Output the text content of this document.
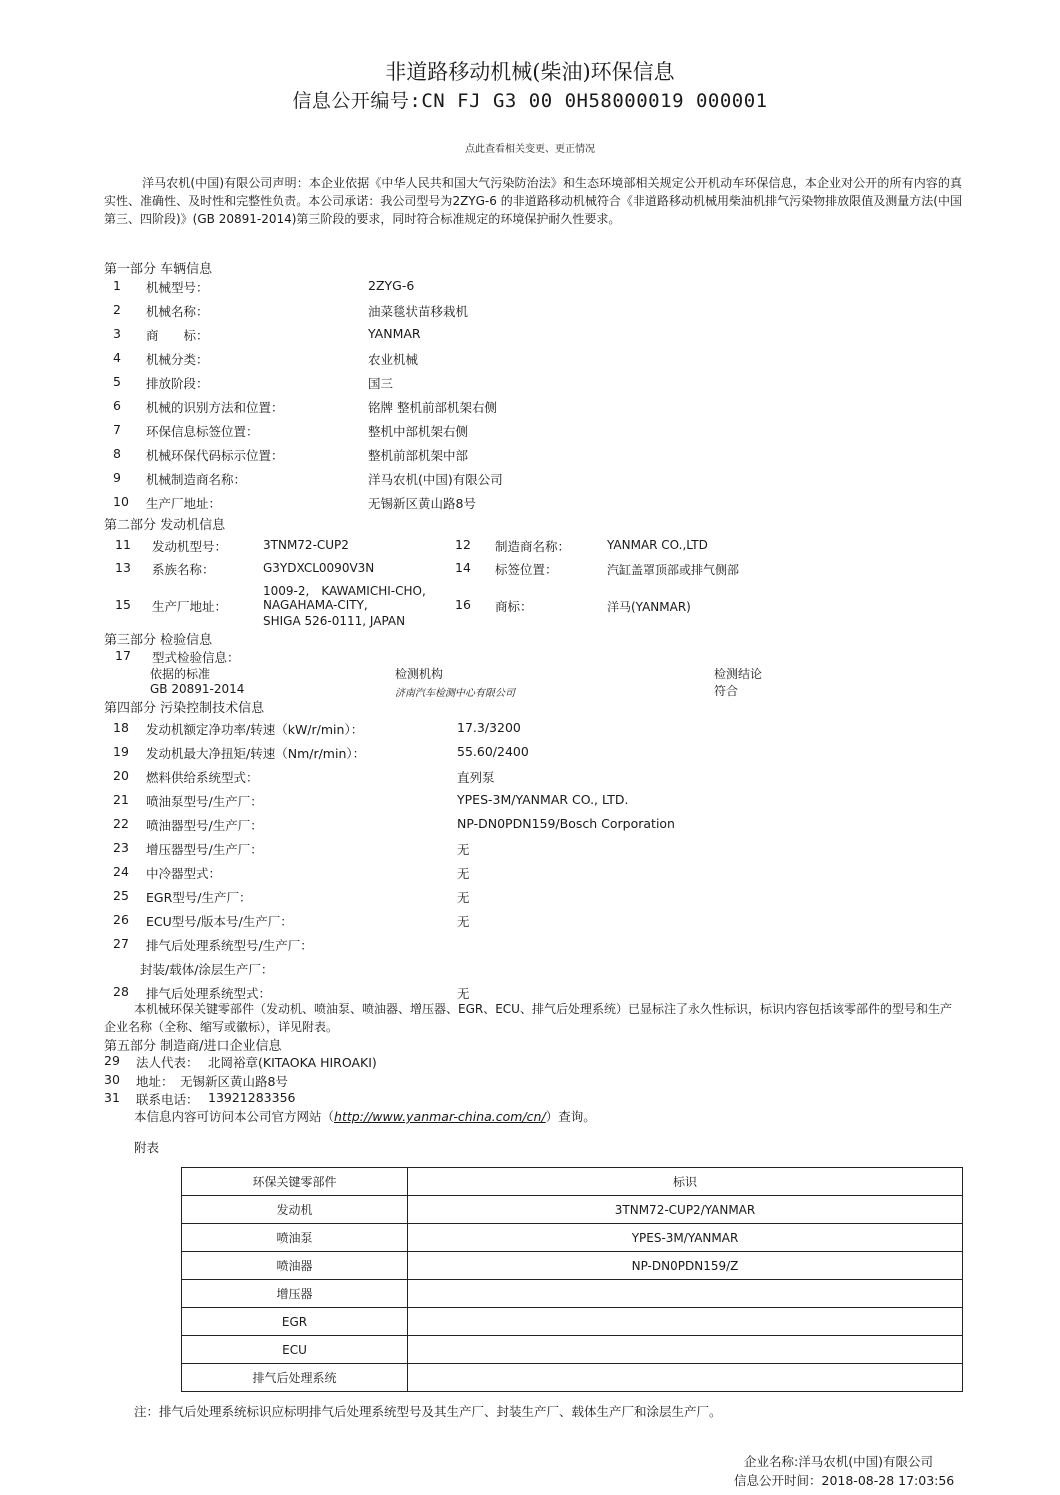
非道路移动机械(柴油)环保信息
信息公开编号:CN FJ G3 00 0H58000019 000001
点此查看相关变更、更正情况
洋马农机(中国)有限公司声明：本企业依据《中华人民共和国大气污染防治法》和生态环境部相关规定公开机动车环保信息，本企业对公开的所有内容的真实性、准确性、及时性和完整性负责。本公司承诺：我公司型号为2ZYG-6 的非道路移动机械符合《非道路移动机械用柴油机排气污染物排放限值及测量方法(中国第三、四阶段)》(GB 20891-2014)第三阶段的要求，同时符合标准规定的环境保护耐久性要求。
第一部分 车辆信息
1 机械型号：	2ZYG-6
2 机械名称：	油菜毯状苗移栽机
3 商　　标：	YANMAR
4 机械分类：	农业机械
5 排放阶段：	国三
6 机械的识别方法和位置：	铭牌 整机前部机架右侧
7 环保信息标签位置：	整机中部机架右侧
8 机械环保代码标示位置：	整机前部机架中部
9 机械制造商名称：	洋马农机(中国)有限公司
10 生产厂地址：	无锡新区黄山路8号
第二部分 发动机信息
11 发动机型号：	3TNM72-CUP2	12 制造商名称：	YANMAR CO.,LTD
13 系族名称：	G3YDXCL0090V3N	14 标签位置：	汽缸盖罩顶部或排气侧部
15 生产厂地址：
1009-2,　KAWAMICHI-CHO,
NAGAHAMA-CITY,
SHIGA 526-0111, JAPAN
16 商标：	洋马(YANMAR)
第三部分 检验信息
17 型式检验信息：
依据的标准	检测机构	检测结论
GB 20891-2014	济南汽车检测中心有限公司	符合
第四部分 污染控制技术信息
18 发动机额定净功率/转速（kW/r/min）：	17.3/3200
19 发动机最大净扭矩/转速（Nm/r/min）：	55.60/2400
20 燃料供给系统型式：	直列泵
21 喷油泵型号/生产厂：	YPES-3M/YANMAR CO., LTD.
22 喷油器型号/生产厂：	NP-DN0PDN159/Bosch Corporation
23 增压器型号/生产厂：	无
24 中冷器型式：	无
25 EGR型号/生产厂：	无
26 ECU型号/版本号/生产厂：	无
27 排气后处理系统型号/生产厂：
封装/载体/涂层生产厂：
28 排气后处理系统型式：	无
本机械环保关键零部件（发动机、喷油泵、喷油器、增压器、EGR、ECU、排气后处理系统）已显标注了永久性标识，标识内容包括该零部件的型号和生产企业名称（全称、缩写或徽标），详见附表。
第五部分 制造商/进口企业信息
29 法人代表： 北岡裕章(KITAOKA HIROAKI)
30 地址： 无锡新区黄山路8号
31 联系电话： 13921283356
本信息内容可访问本公司官方网站（http://www.yanmar-china.com/cn/）查询。
附表
环保关键零部件	标识
发动机	3TNM72-CUP2/YANMAR
喷油泵	YPES-3M/YANMAR
喷油器	NP-DN0PDN159/Z
增压器	
EGR	
ECU	
排气后处理系统	
注：排气后处理系统标识应标明排气后处理系统型号及其生产厂、封装生产厂、载体生产厂和涂层生产厂。
企业名称:洋马农机(中国)有限公司
信息公开时间：2018-08-28 17:03:56
